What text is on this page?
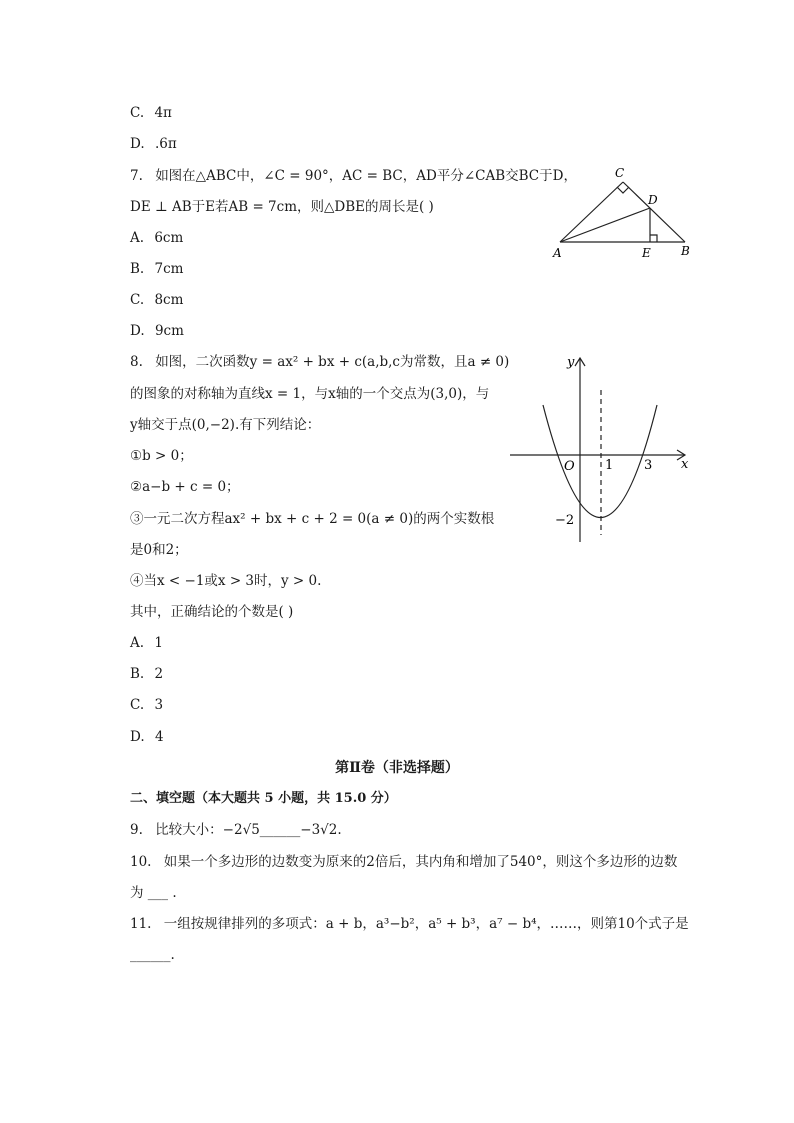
C. 4π
D. .6π
7. 如图在△ABC中，∠C = 90°，AC = BC，AD平分∠CAB交BC于D，
DE ⊥ AB于E若AB = 7cm，则△DBE的周长是( )
A. 6cm
B. 7cm
C. 8cm
D. 9cm
C
D
A	E	B
8. 如图，二次函数y = ax² + bx + c(a,b,c为常数，且a ≠ 0)
的图象的对称轴为直线x = 1，与x轴的一个交点为(3,0)，与
y轴交于点(0,−2).有下列结论：
①b > 0；
②a−b + c = 0；
③一元二次方程ax² + bx + c + 2 = 0(a ≠ 0)的两个实数根
是0和2；
④当x < −1或x > 3时，y > 0.
其中，正确结论的个数是( )
A. 1
B. 2
C. 3
D. 4
y
x
O 1 3
−2
第Ⅱ卷（非选择题）
二、填空题（本大题共 5 小题，共 15.0 分）
9. 比较大小：−2√5______−3√2.
10. 如果一个多边形的边数变为原来的2倍后，其内角和增加了540°，则这个多边形的边数
为 ___ .
11. 一组按规律排列的多项式：a + b，a³−b²，a⁵ + b³，a⁷ − b⁴，……，则第10个式子是
______.
